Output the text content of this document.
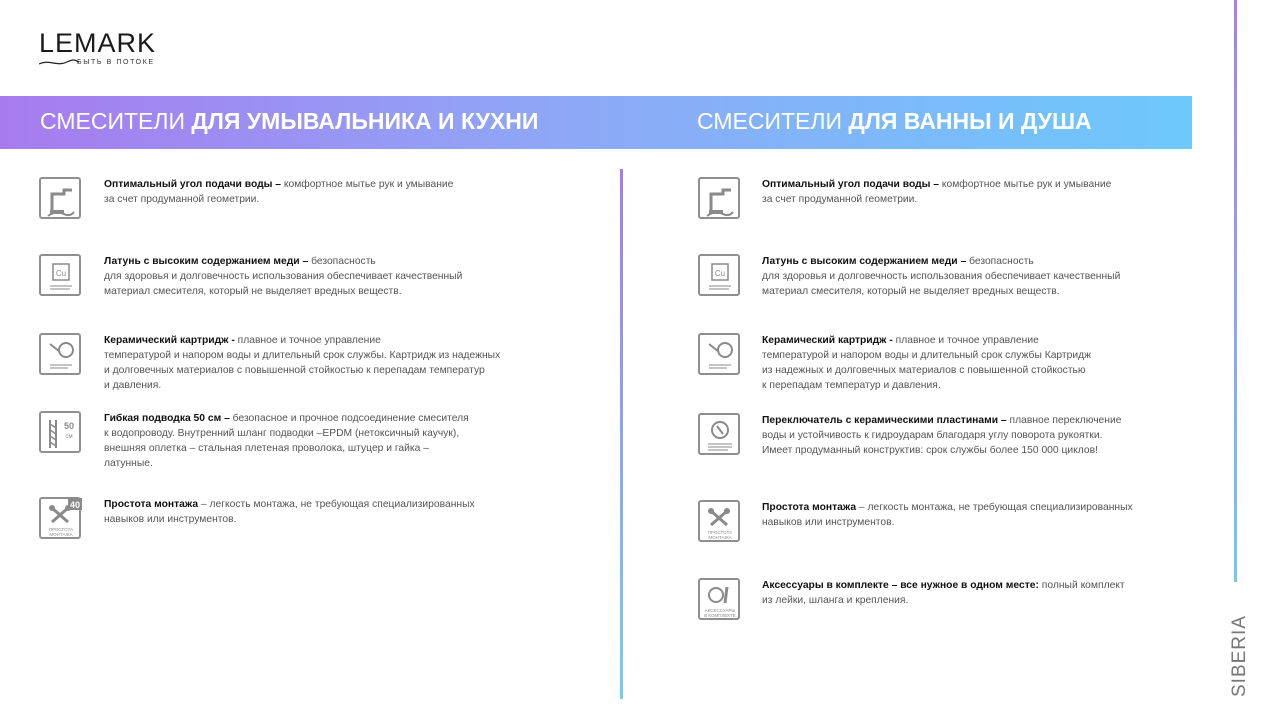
LEMARK
БЫТЬ В ПОТОКЕ
СМЕСИТЕЛИ ДЛЯ УМЫВАЛЬНИКА И КУХНИ	СМЕСИТЕЛИ ДЛЯ ВАННЫ И ДУША
SIBERIA

Оптимальный угол подачи воды – комфортное мытье рук и умывание

за счет продуманной геометрии.

Cu

Латунь с высоким содержанием меди – безопасность

для здоровья и долговечность использования обеспечивает качественный

материал смесителя, который не выделяет вредных веществ.

Керамический картридж - плавное и точное управление

температурой и напором воды и длительный срок службы. Картридж из надежных

и долговечных материалов с повышенной стойкостью к перепадам температур

и давления.

50
см

Гибкая подводка 50 см – безопасное и прочное подсоединение смесителя

к водопроводу. Внутренний шланг подводки –EPDM (нетоксичный каучук),

внешняя оплетка – стальная плетеная проволока, штуцер и гайка –

латунные.

40
ПРОСТОТА
МОНТАЖА

Простота монтажа – легкость монтажа, не требующая специализированных

навыков или инструментов.

Оптимальный угол подачи воды – комфортное мытье рук и умывание

за счет продуманной геометрии.

Cu

Латунь с высоким содержанием меди – безопасность

для здоровья и долговечность использования обеспечивает качественный

материал смесителя, который не выделяет вредных веществ.

Керамический картридж - плавное и точное управление

температурой и напором воды и длительный срок службы Картридж

из надежных и долговечных материалов с повышенной стойкостью

к перепадам температур и давления.

Переключатель с керамическими пластинами – плавное переключение

воды и устойчивость к гидроударам благодаря углу поворота рукоятки.

Имеет продуманный конструктив: срок службы более 150 000 циклов!

ПРОСТОТА
МОНТАЖА

Простота монтажа – легкость монтажа, не требующая специализированных

навыков или инструментов.

АКСЕССУАРЫ
В КОМПЛЕКТЕ

Аксессуары в комплекте – все нужное в одном месте: полный комплект

из лейки, шланга и крепления.
